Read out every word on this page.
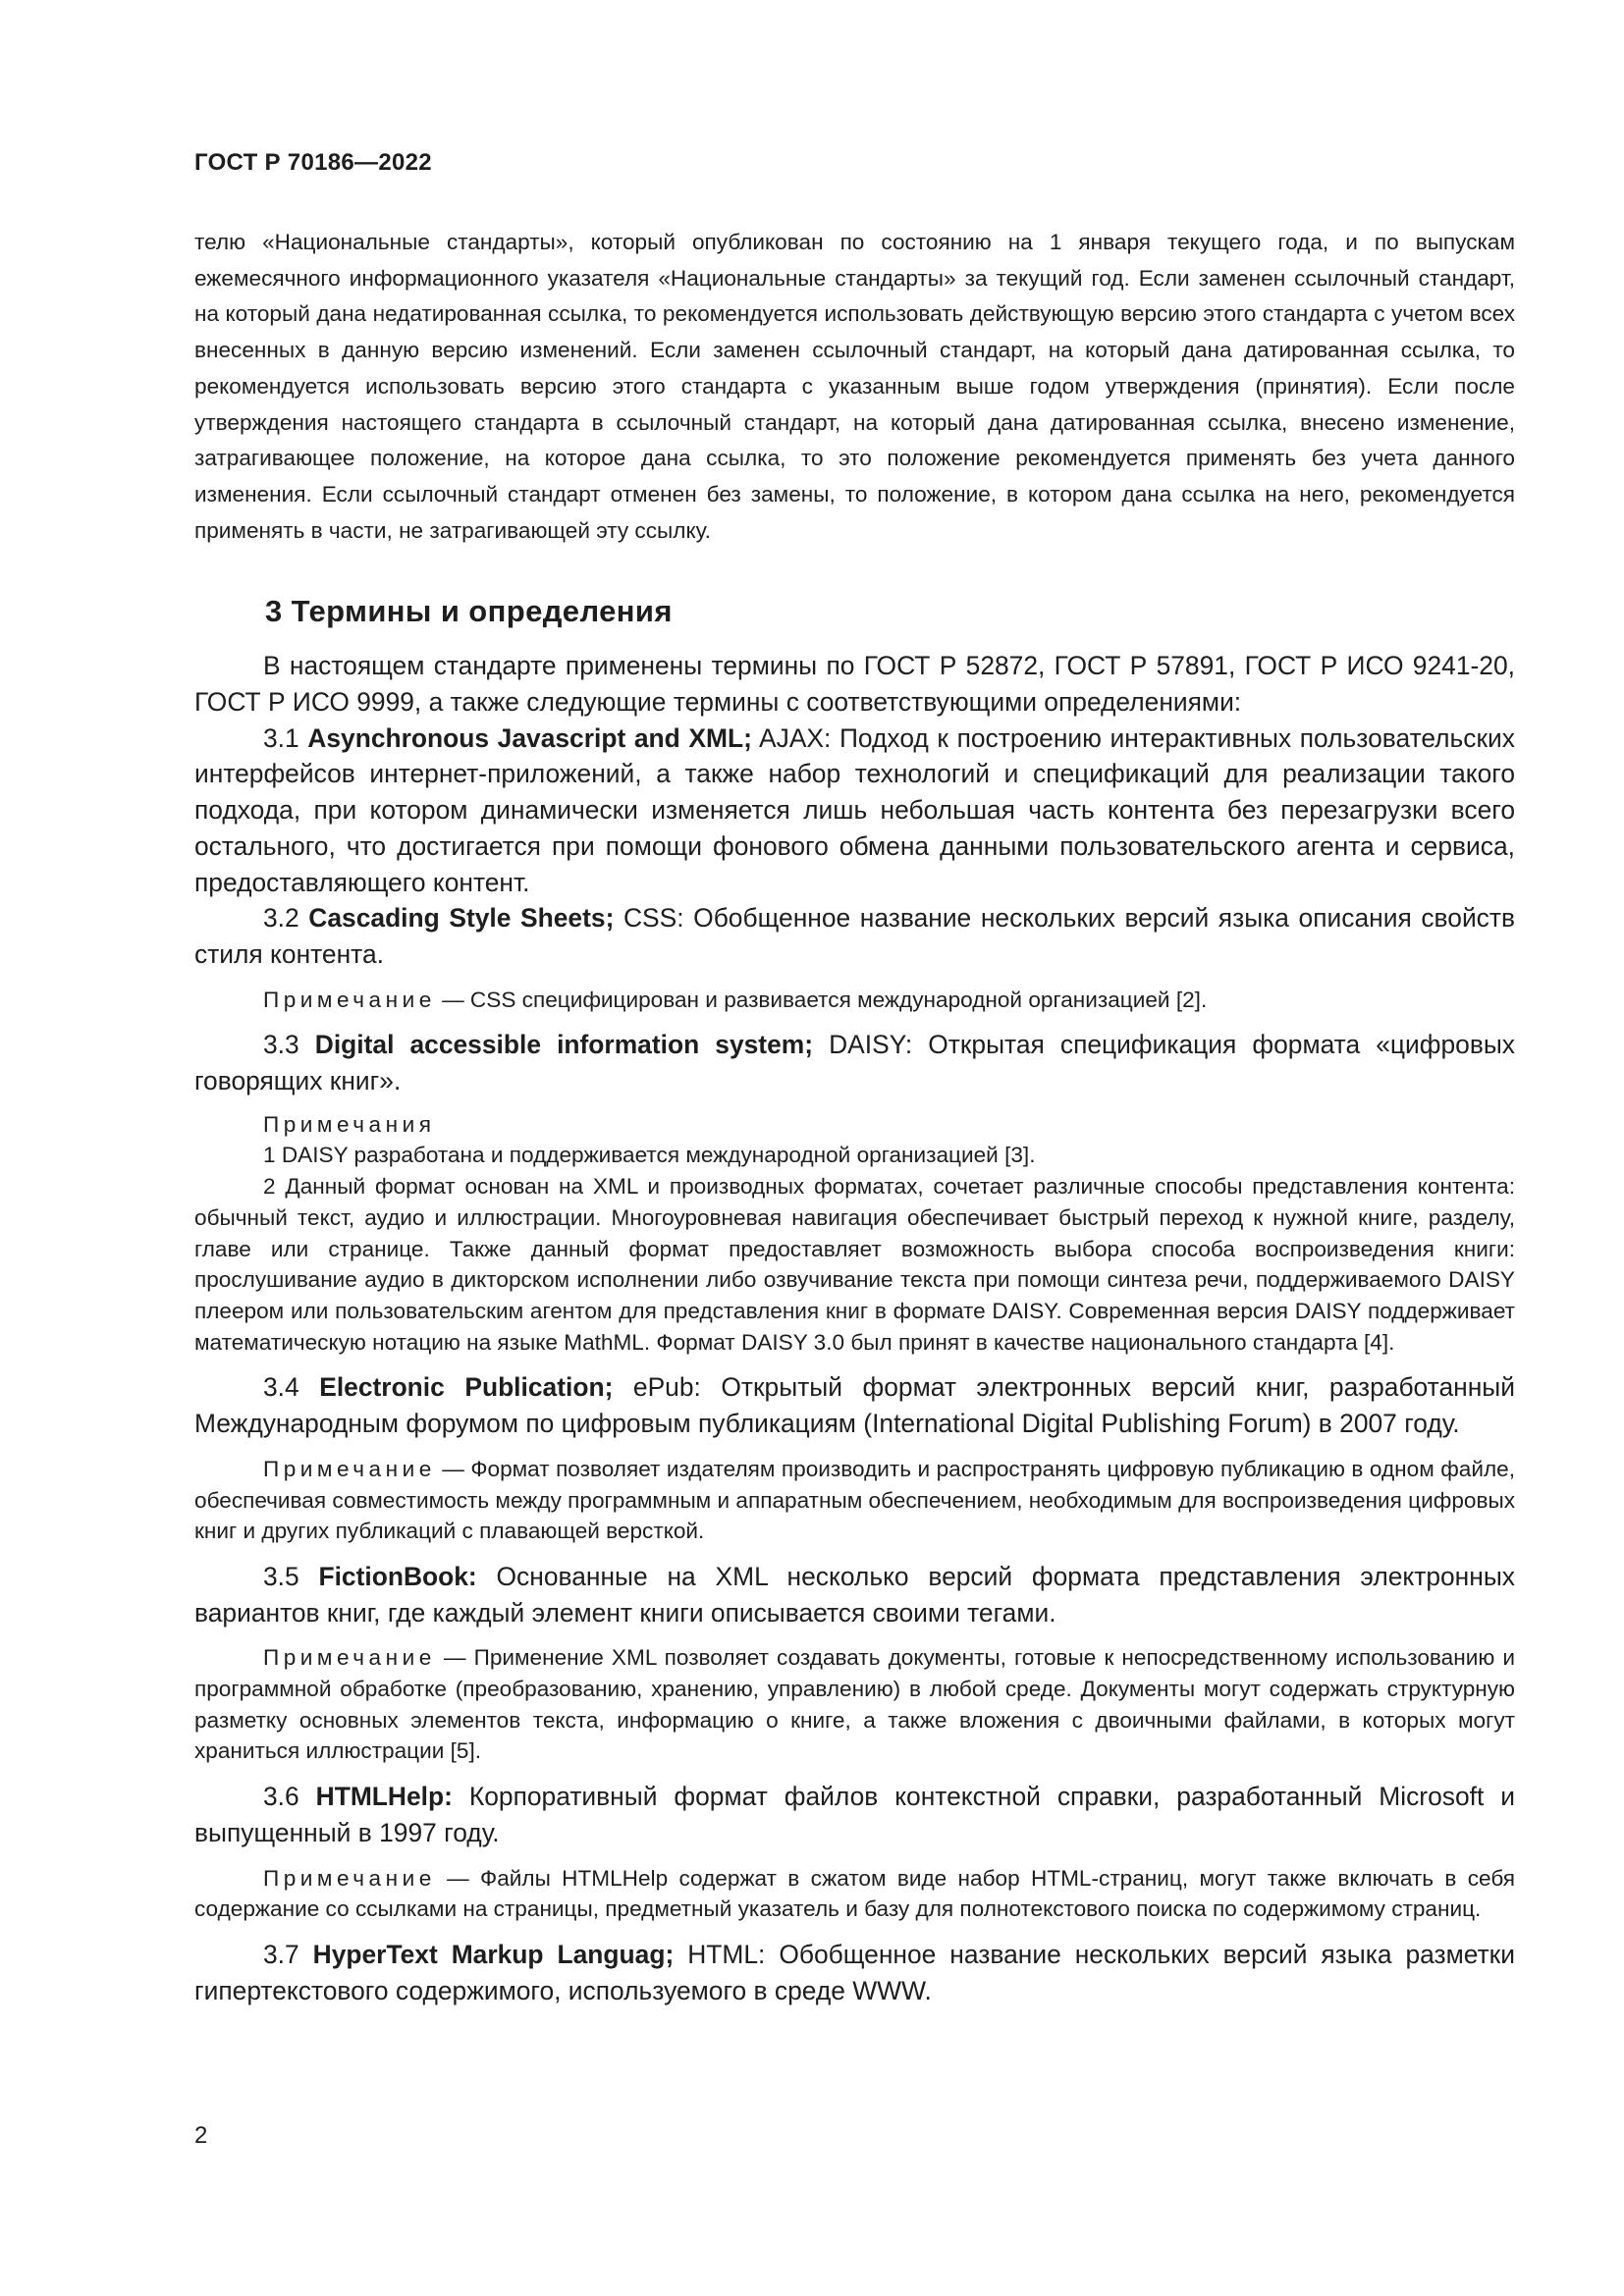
ГОСТ Р 70186—2022

телю «Национальные стандарты», который опубликован по состоянию на 1 января текущего года, и по выпускам ежемесячного информационного указателя «Национальные стандарты» за текущий год. Если заменен ссылочный стандарт, на который дана недатированная ссылка, то рекомендуется использовать действующую версию этого стандарта с учетом всех внесенных в данную версию изменений. Если заменен ссылочный стандарт, на который дана датированная ссылка, то рекомендуется использовать версию этого стандарта с указанным выше годом утверждения (принятия). Если после утверждения настоящего стандарта в ссылочный стандарт, на который дана датированная ссылка, внесено изменение, затрагивающее положение, на которое дана ссылка, то это положение рекомендуется применять без учета данного изменения. Если ссылочный стандарт отменен без замены, то положение, в котором дана ссылка на него, рекомендуется применять в части, не затрагивающей эту ссылку.

3 Термины и определения

В настоящем стандарте применены термины по ГОСТ Р 52872, ГОСТ Р 57891, ГОСТ Р ИСО 9241-20, ГОСТ Р ИСО 9999, а также следующие термины с соответствующими определениями:

3.1 Asynchronous Javascript and XML; AJAX: Подход к построению интерактивных пользовательских интерфейсов интернет-приложений, а также набор технологий и спецификаций для реализации такого подхода, при котором динамически изменяется лишь небольшая часть контента без перезагрузки всего остального, что достигается при помощи фонового обмена данными пользовательского агента и сервиса, предоставляющего контент.

3.2 Cascading Style Sheets; CSS: Обобщенное название нескольких версий языка описания свойств стиля контента.

Примечание — CSS специфицирован и развивается международной организацией [2].

3.3 Digital accessible information system; DAISY: Открытая спецификация формата «цифровых говорящих книг».

Примечания

1 DAISY разработана и поддерживается международной организацией [3].

2 Данный формат основан на XML и производных форматах, сочетает различные способы представления контента: обычный текст, аудио и иллюстрации. Многоуровневая навигация обеспечивает быстрый переход к нужной книге, разделу, главе или странице. Также данный формат предоставляет возможность выбора способа воспроизведения книги: прослушивание аудио в дикторском исполнении либо озвучивание текста при помощи синтеза речи, поддерживаемого DAISY плеером или пользовательским агентом для представления книг в формате DAISY. Современная версия DAISY поддерживает математическую нотацию на языке MathML. Формат DAISY 3.0 был принят в качестве национального стандарта [4].

3.4 Electronic Publication; ePub: Открытый формат электронных версий книг, разработанный Международным форумом по цифровым публикациям (International Digital Publishing Forum) в 2007 году.

Примечание — Формат позволяет издателям производить и распространять цифровую публикацию в одном файле, обеспечивая совместимость между программным и аппаратным обеспечением, необходимым для воспроизведения цифровых книг и других публикаций с плавающей версткой.

3.5 FictionBook: Основанные на XML несколько версий формата представления электронных вариантов книг, где каждый элемент книги описывается своими тегами.

Примечание — Применение XML позволяет создавать документы, готовые к непосредственному использованию и программной обработке (преобразованию, хранению, управлению) в любой среде. Документы могут содержать структурную разметку основных элементов текста, информацию о книге, а также вложения с двоичными файлами, в которых могут храниться иллюстрации [5].

3.6 HTMLHelp: Корпоративный формат файлов контекстной справки, разработанный Microsoft и выпущенный в 1997 году.

Примечание — Файлы HTMLHelp содержат в сжатом виде набор HTML-страниц, могут также включать в себя содержание со ссылками на страницы, предметный указатель и базу для полнотекстового поиска по содержимому страниц.

3.7 HyperText Markup Languag; HTML: Обобщенное название нескольких версий языка разметки гипертекстового содержимого, используемого в среде WWW.

2
